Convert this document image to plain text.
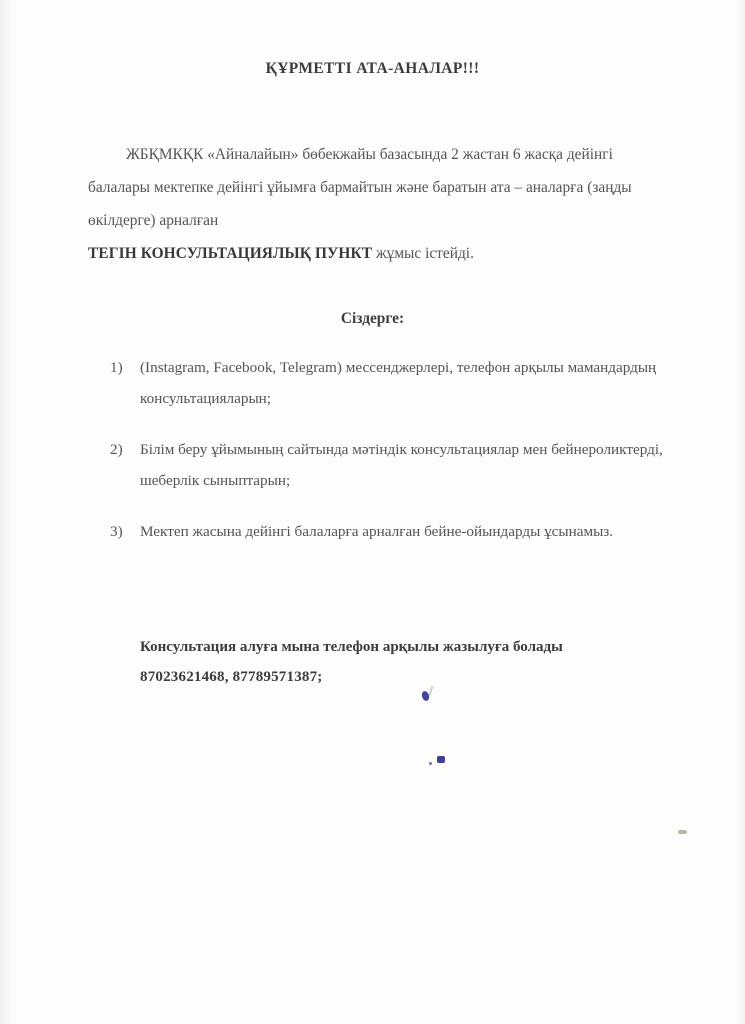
ҚҰРМЕТТІ АТА-АНАЛАР!!!

ЖБҚМКҚК «Айналайын» бөбекжайы базасында 2 жастан 6 жасқа дейінгі балалары мектепке дейінгі ұйымға бармайтын және баратын ата – аналарға (заңды өкілдерге) арналған

ТЕГІН КОНСУЛЬТАЦИЯЛЫҚ ПУНКТ жұмыс істейді.
Сіздерге:
1)	(Instagram, Facebook, Telegram) мессенджерлері, телефон арқылы мамандардың консультацияларын;
2)	Білім беру ұйымының сайтында мәтіндік консультациялар мен бейнероликтерді, шеберлік сыныптарын;
3)	Мектеп жасына дейінгі балаларға арналған бейне-ойындарды ұсынамыз.
Консультация алуға мына телефон арқылы жазылуға болады
87023621468, 87789571387;
